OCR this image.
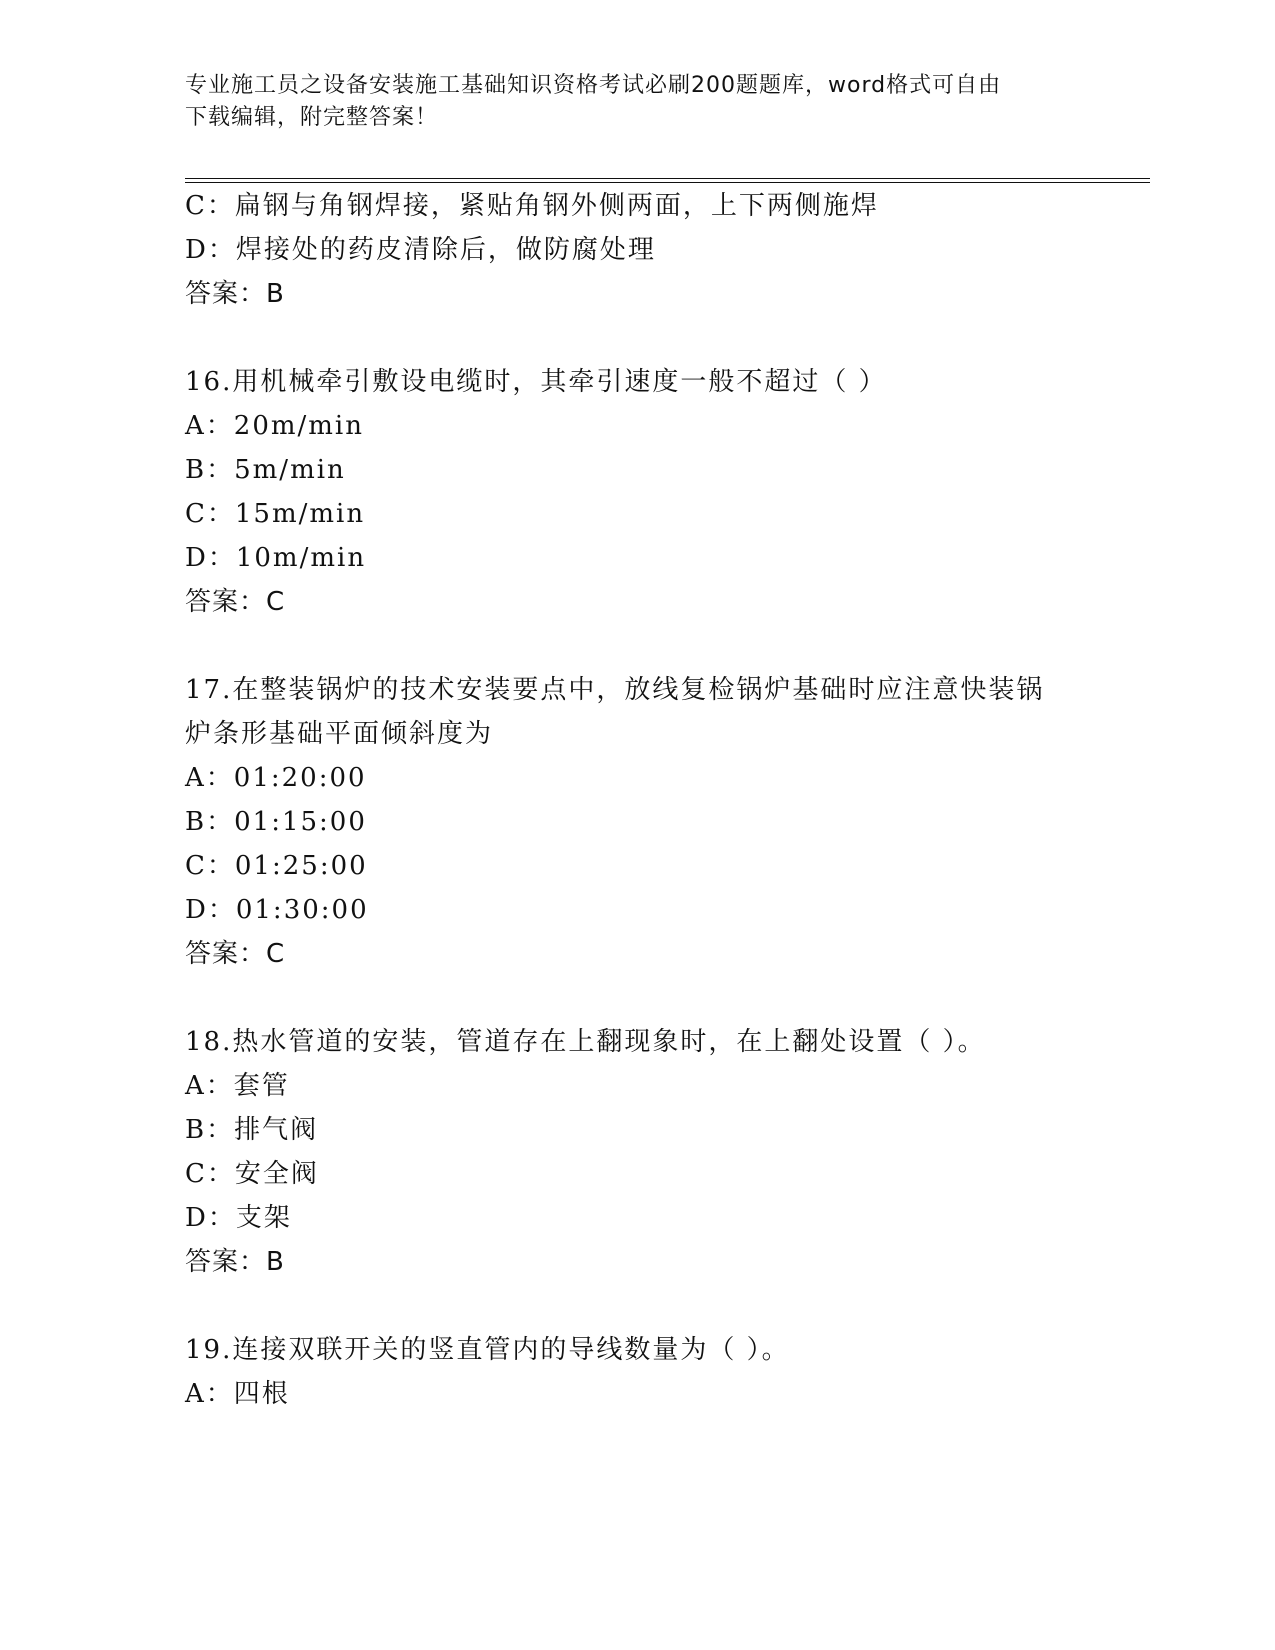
专业施工员之设备安装施工基础知识资格考试必刷200题题库，word格式可自由
下载编辑，附完整答案！
C：扁钢与角钢焊接，紧贴角钢外侧两面，上下两侧施焊
D：焊接处的药皮清除后，做防腐处理
答案：B
16.用机械牵引敷设电缆时，其牵引速度一般不超过（ ）
A：20m/min
B：5m/min
C：15m/min
D：10m/min
答案：C
17.在整装锅炉的技术安装要点中，放线复检锅炉基础时应注意快装锅
炉条形基础平面倾斜度为
A：01:20:00
B：01:15:00
C：01:25:00
D：01:30:00
答案：C
18.热水管道的安装，管道存在上翻现象时，在上翻处设置（ ）。
A：套管
B：排气阀
C：安全阀
D：支架
答案：B
19.连接双联开关的竖直管内的导线数量为（ ）。
A：四根
